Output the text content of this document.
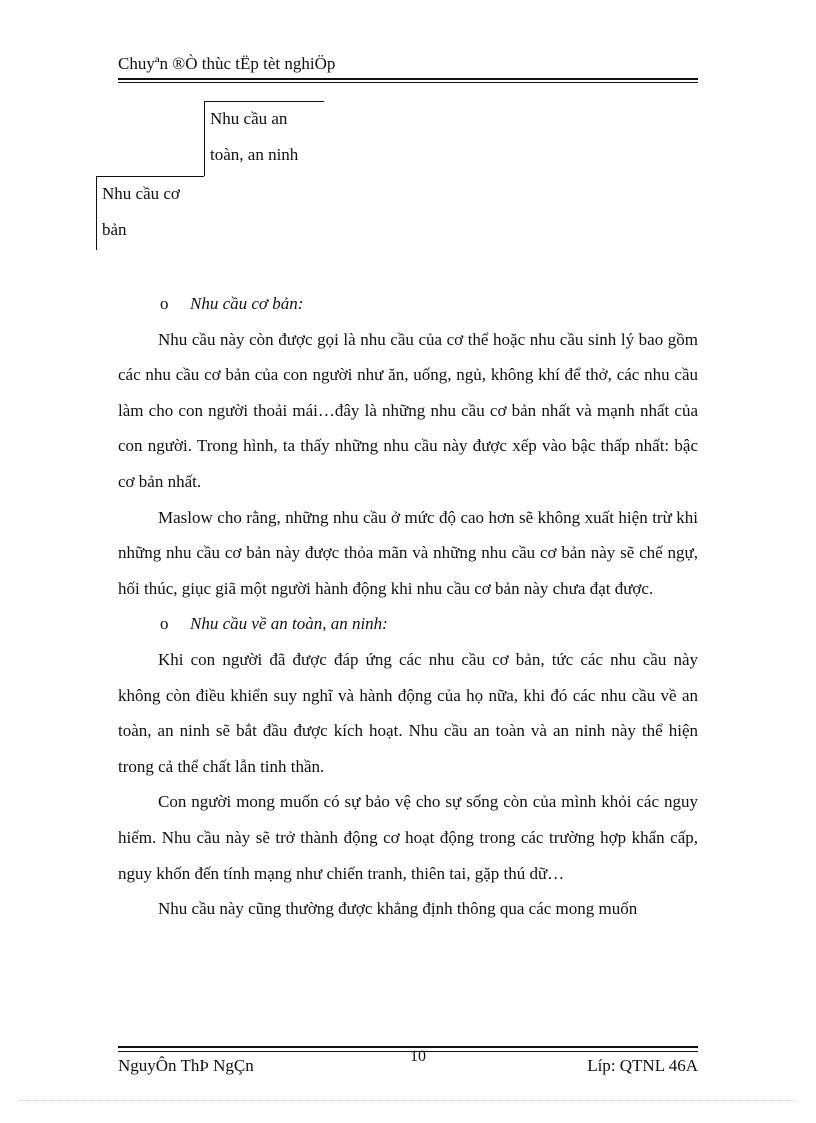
Chuyªn ®Ò thùc tËp tèt nghiÖp
Nhu cầu an
toàn, an ninh
Nhu cầu cơ
bản
o Nhu cầu cơ bản:

Nhu cầu này còn được gọi là nhu cầu của cơ thể hoặc nhu cầu sinh lý bao gồm các nhu cầu cơ bản của con người như ăn, uống, ngủ, không khí để thở, các nhu cầu làm cho con người thoải mái…đây là những nhu cầu cơ bản nhất và mạnh nhất của con người. Trong hình, ta thấy những nhu cầu này được xếp vào bậc thấp nhất: bậc cơ bản nhất.

Maslow cho rằng, những nhu cầu ở mức độ cao hơn sẽ không xuất hiện trừ khi những nhu cầu cơ bản này được thỏa mãn và những nhu cầu cơ bản này sẽ chế ngự, hối thúc, giục giã một người hành động khi nhu cầu cơ bản này chưa đạt được.

o Nhu cầu về an toàn, an ninh:

Khi con người đã được đáp ứng các nhu cầu cơ bản, tức các nhu cầu này không còn điều khiển suy nghĩ và hành động của họ nữa, khi đó các nhu cầu về an toàn, an ninh sẽ bắt đầu được kích hoạt. Nhu cầu an toàn và an ninh này thể hiện trong cả thể chất lẫn tinh thần.

Con người mong muốn có sự bảo vệ cho sự sống còn của mình khỏi các nguy hiểm. Nhu cầu này sẽ trở thành động cơ hoạt động trong các trường hợp khẩn cấp, nguy khốn đến tính mạng như chiến tranh, thiên tai, gặp thú dữ…

Nhu cầu này cũng thường được khẳng định thông qua các mong muốn

NguyÔn ThÞ NgÇn	10	Líp: QTNL 46A
